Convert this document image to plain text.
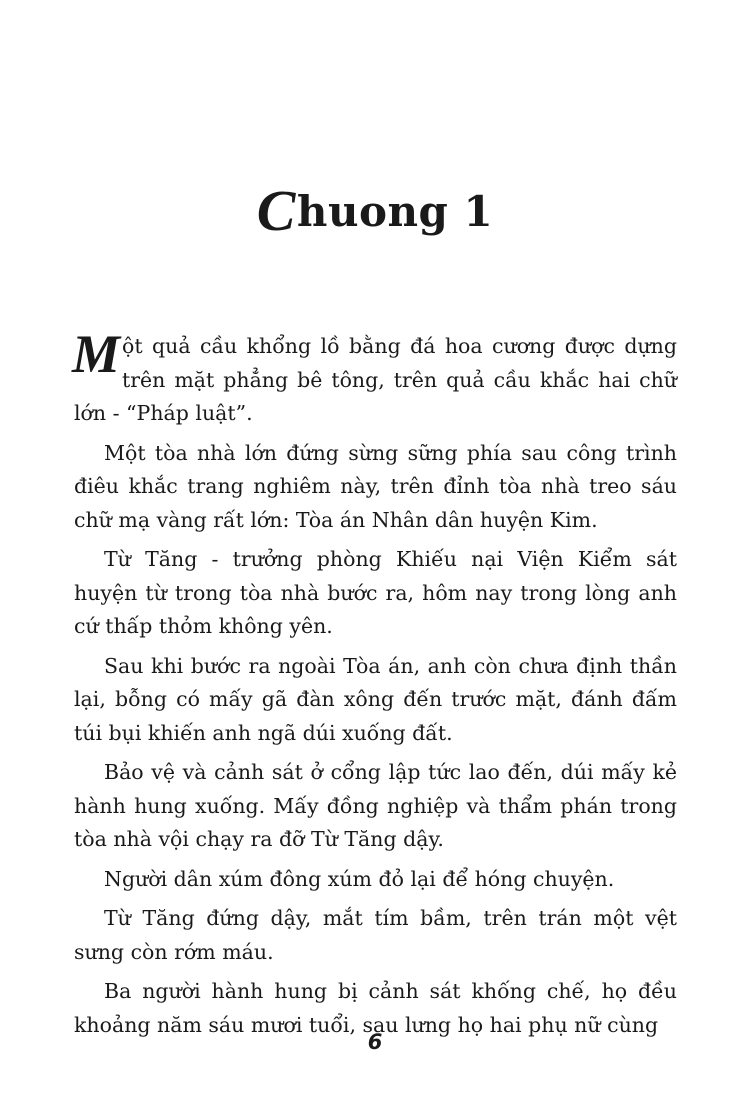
Chuong 1

Một quả cầu khổng lồ bằng đá hoa cương được dựng trên mặt phẳng bê tông, trên quả cầu khắc hai chữ lớn - “Pháp luật”.

Một tòa nhà lớn đứng sừng sững phía sau công trình điêu khắc trang nghiêm này, trên đỉnh tòa nhà treo sáu chữ mạ vàng rất lớn: Tòa án Nhân dân huyện Kim.

Từ Tăng - trưởng phòng Khiếu nại Viện Kiểm sát huyện từ trong tòa nhà bước ra, hôm nay trong lòng anh cứ thấp thỏm không yên.

Sau khi bước ra ngoài Tòa án, anh còn chưa định thần lại, bỗng có mấy gã đàn xông đến trước mặt, đánh đấm túi bụi khiến anh ngã dúi xuống đất.

Bảo vệ và cảnh sát ở cổng lập tức lao đến, dúi mấy kẻ hành hung xuống. Mấy đồng nghiệp và thẩm phán trong tòa nhà vội chạy ra đỡ Từ Tăng dậy.

Người dân xúm đông xúm đỏ lại để hóng chuyện.

Từ Tăng đứng dậy, mắt tím bầm, trên trán một vệt sưng còn rớm máu.

Ba người hành hung bị cảnh sát khống chế, họ đều khoảng năm sáu mươi tuổi, sau lưng họ hai phụ nữ cùng

6
